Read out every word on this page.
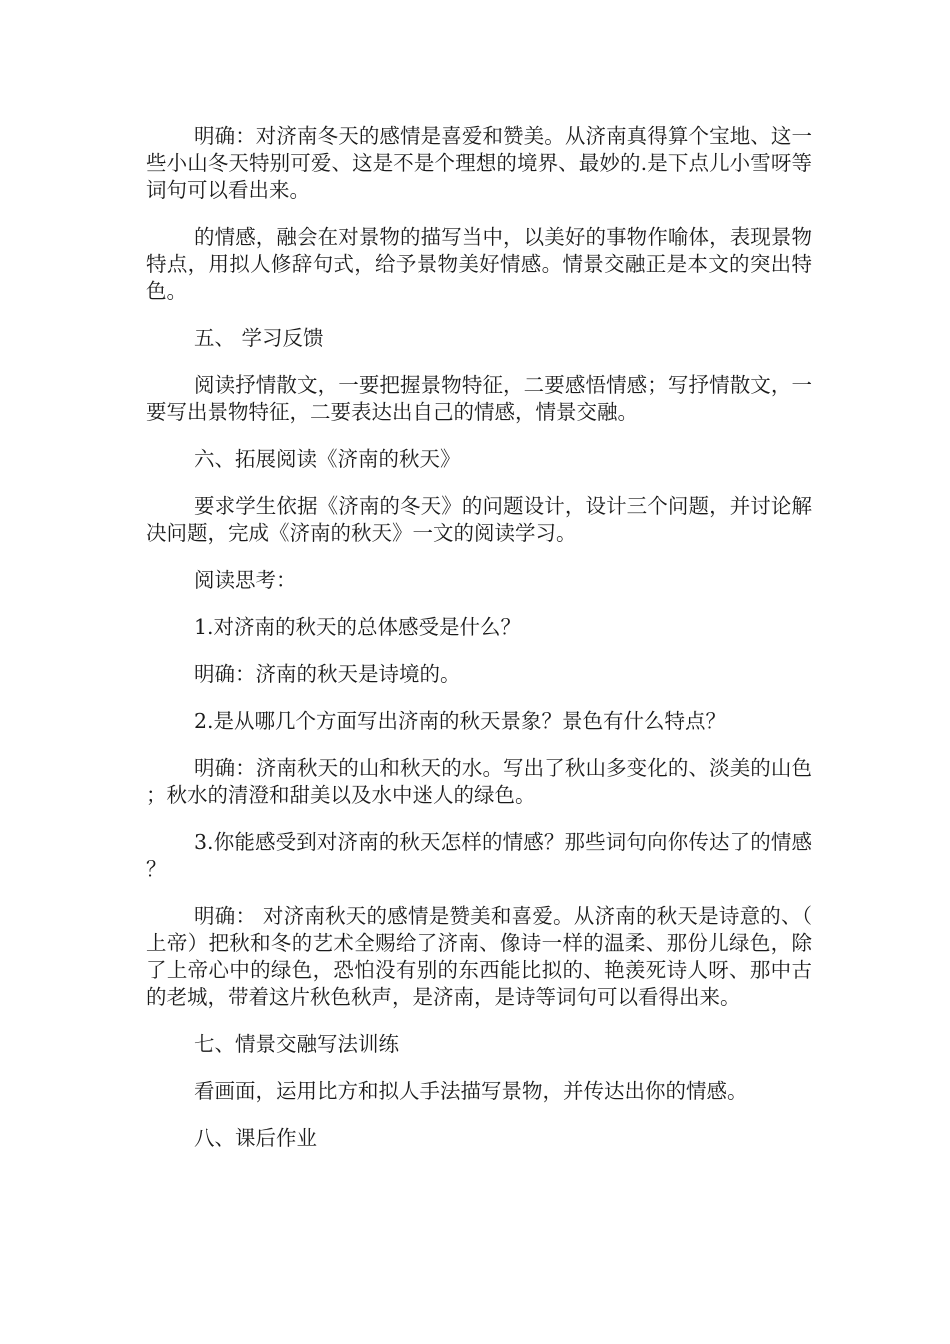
明确：对济南冬天的感情是喜爱和赞美。从济南真得算个宝地、这一些小山冬天特别可爱、这是不是个理想的境界、最妙的.是下点儿小雪呀等词句可以看出来。

的情感，融会在对景物的描写当中，以美好的事物作喻体，表现景物特点，用拟人修辞句式，给予景物美好情感。情景交融正是本文的突出特色。

五、 学习反馈

阅读抒情散文，一要把握景物特征，二要感悟情感；写抒情散文，一要写出景物特征，二要表达出自己的情感，情景交融。

六、拓展阅读《济南的秋天》

要求学生依据《济南的冬天》的问题设计，设计三个问题，并讨论解决问题，完成《济南的秋天》一文的阅读学习。

阅读思考：

1.对济南的秋天的总体感受是什么？

明确：济南的秋天是诗境的。

2.是从哪几个方面写出济南的秋天景象？景色有什么特点？

明确：济南秋天的山和秋天的水。写出了秋山多变化的、淡美的山色；秋水的清澄和甜美以及水中迷人的绿色。

3.你能感受到对济南的秋天怎样的情感？那些词句向你传达了的情感？

明确： 对济南秋天的感情是赞美和喜爱。从济南的秋天是诗意的、（上帝）把秋和冬的艺术全赐给了济南、像诗一样的温柔、那份儿绿色，除了上帝心中的绿色，恐怕没有别的东西能比拟的、艳羡死诗人呀、那中古的老城，带着这片秋色秋声，是济南，是诗等词句可以看得出来。

七、情景交融写法训练

看画面，运用比方和拟人手法描写景物，并传达出你的情感。

八、课后作业
